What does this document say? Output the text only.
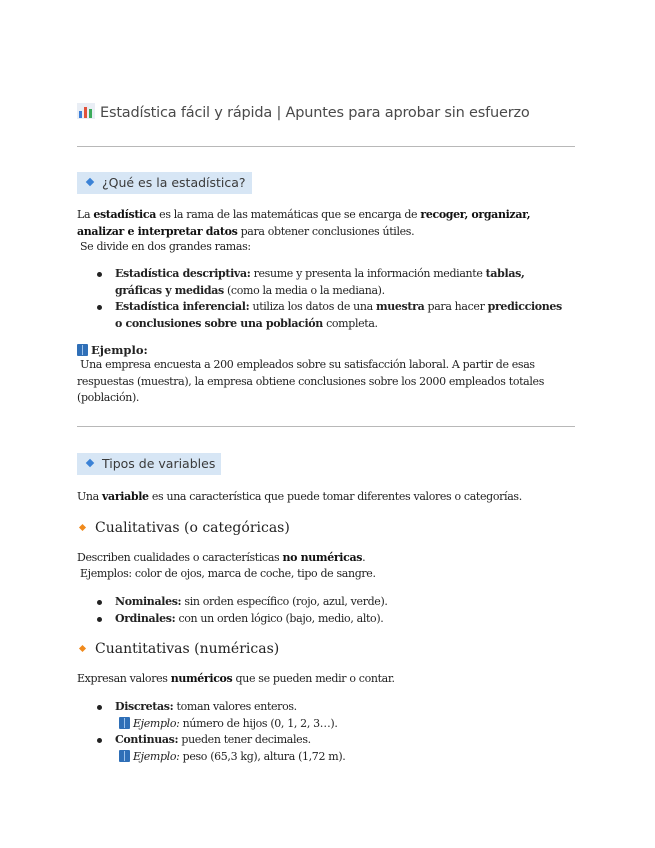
Estadística fácil y rápida | Apuntes para aprobar sin esfuerzo
¿Qué es la estadística?
La estadística es la rama de las matemáticas que se encarga de recoger, organizar, analizar e interpretar datos para obtener conclusiones útiles.
Se divide en dos grandes ramas:
Estadística descriptiva: resume y presenta la información mediante tablas, gráficas y medidas (como la media o la mediana).
Estadística inferencial: utiliza los datos de una muestra para hacer predicciones o conclusiones sobre una población completa.
Ejemplo:
Una empresa encuesta a 200 empleados sobre su satisfacción laboral. A partir de esas respuestas (muestra), la empresa obtiene conclusiones sobre los 2000 empleados totales (población).
Tipos de variables
Una variable es una característica que puede tomar diferentes valores o categorías.
Cualitativas (o categóricas)
Describen cualidades o características no numéricas.
Ejemplos: color de ojos, marca de coche, tipo de sangre.
Nominales: sin orden específico (rojo, azul, verde).
Ordinales: con un orden lógico (bajo, medio, alto).
Cuantitativas (numéricas)
Expresan valores numéricos que se pueden medir o contar.
Discretas: toman valores enteros.
Ejemplo: número de hijos (0, 1, 2, 3…).
Continuas: pueden tener decimales.
Ejemplo: peso (65,3 kg), altura (1,72 m).
